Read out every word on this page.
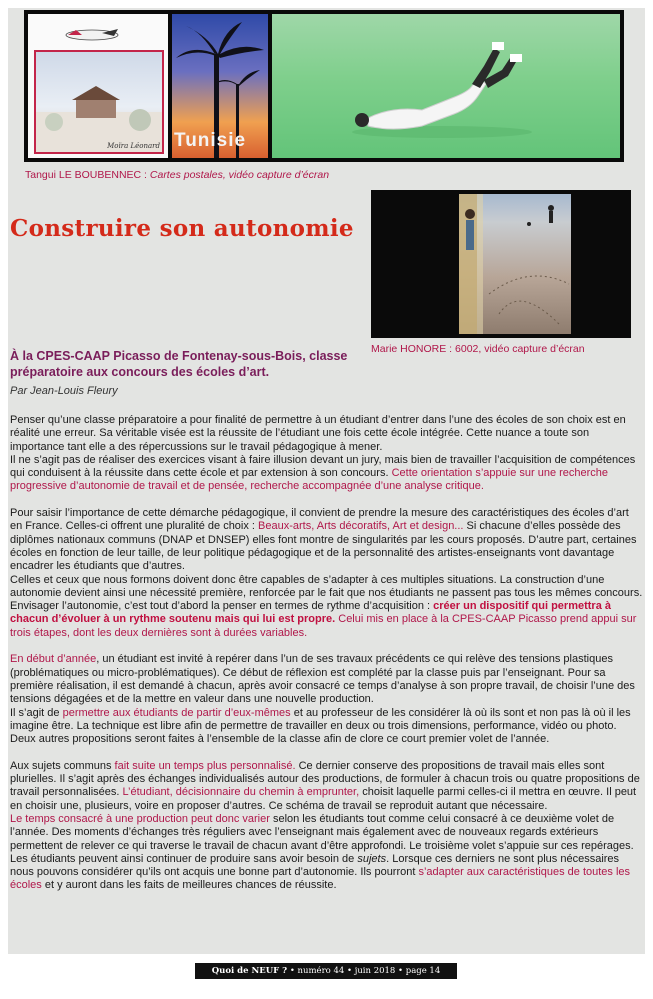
Moïra Léonard Tunisie
Tangui LE BOUBENNEC : Cartes postales, vidéo capture d’écran
Construire son autonomie
Marie HONORE : 6002, vidéo capture d’écran
À la CPES-CAAP Picasso de Fontenay-sous-Bois, classe préparatoire aux concours des écoles d’art.
Par Jean-Louis Fleury

Penser qu’une classe préparatoire a pour finalité de permettre à un étudiant d’entrer dans l’une des écoles de son choix est en réalité une erreur. Sa véritable visée est la réussite de l’étudiant une fois cette école intégrée. Cette nuance a toute son importance tant elle a des répercussions sur le travail pédagogique à mener.
Il ne s’agit pas de réaliser des exercices visant à faire illusion devant un jury, mais bien de travailler l’acquisition de compétences qui conduisent à la réussite dans cette école et par extension à son concours. Cette orientation s’appuie sur une recherche progressive d’autonomie de travail et de pensée, recherche accompagnée d’une analyse critique.

Pour saisir l’importance de cette démarche pédagogique, il convient de prendre la mesure des caractéristiques des écoles d’art en France. Celles-ci offrent une pluralité de choix : Beaux-arts, Arts décoratifs, Art et design... Si chacune d’elles possède des diplômes nationaux communs (DNAP et DNSEP) elles font montre de singularités par les cours proposés. D’autre part, certaines écoles en fonction de leur taille, de leur politique pédagogique et de la personnalité des artistes-enseignants vont davantage encadrer les étudiants que d’autres.
Celles et ceux que nous formons doivent donc être capables de s’adapter à ces multiples situations. La construction d’une autonomie devient ainsi une nécessité première, renforcée par le fait que nos étudiants ne passent pas tous les mêmes concours. Envisager l’autonomie, c’est tout d’abord la penser en termes de rythme d’acquisition : créer un dispositif qui permettra à chacun d’évoluer à un rythme soutenu mais qui lui est propre. Celui mis en place à la CPES-CAAP Picasso prend appui sur trois étapes, dont les deux dernières sont à durées variables.

En début d’année, un étudiant est invité à repérer dans l’un de ses travaux précédents ce qui relève des tensions plastiques (problématiques ou micro-problématiques). Ce début de réflexion est complété par la classe puis par l’enseignant. Pour sa première réalisation, il est demandé à chacun, après avoir consacré ce temps d’analyse à son propre travail, de choisir l’une des tensions dégagées et de la mettre en valeur dans une nouvelle production.
Il s’agit de permettre aux étudiants de partir d’eux-mêmes et au professeur de les considérer là où ils sont et non pas là où il les imagine être. La technique est libre afin de permettre de travailler en deux ou trois dimensions, performance, vidéo ou photo. Deux autres propositions seront faites à l’ensemble de la classe afin de clore ce court premier volet de l’année.

Aux sujets communs fait suite un temps plus personnalisé. Ce dernier conserve des propositions de travail mais elles sont plurielles. Il s’agit après des échanges individualisés autour des productions, de formuler à chacun trois ou quatre propositions de travail personnalisées. L’étudiant, décisionnaire du chemin à emprunter, choisit laquelle parmi celles-ci il mettra en œuvre. Il peut en choisir une, plusieurs, voire en proposer d’autres. Ce schéma de travail se reproduit autant que nécessaire.
Le temps consacré à une production peut donc varier selon les étudiants tout comme celui consacré à ce deuxième volet de l’année. Des moments d’échanges très réguliers avec l’enseignant mais également avec de nouveaux regards extérieurs permettent de relever ce qui traverse le travail de chacun avant d’être approfondi. Le troisième volet s’appuie sur ces repérages. Les étudiants peuvent ainsi continuer de produire sans avoir besoin de sujets. Lorsque ces derniers ne sont plus nécessaires nous pouvons considérer qu’ils ont acquis une bonne part d’autonomie. Ils pourront s’adapter aux caractéristiques de toutes les écoles et y auront dans les faits de meilleures chances de réussite.

Quoi de NEUF ? • numéro 44 • juin 2018 • page 14
